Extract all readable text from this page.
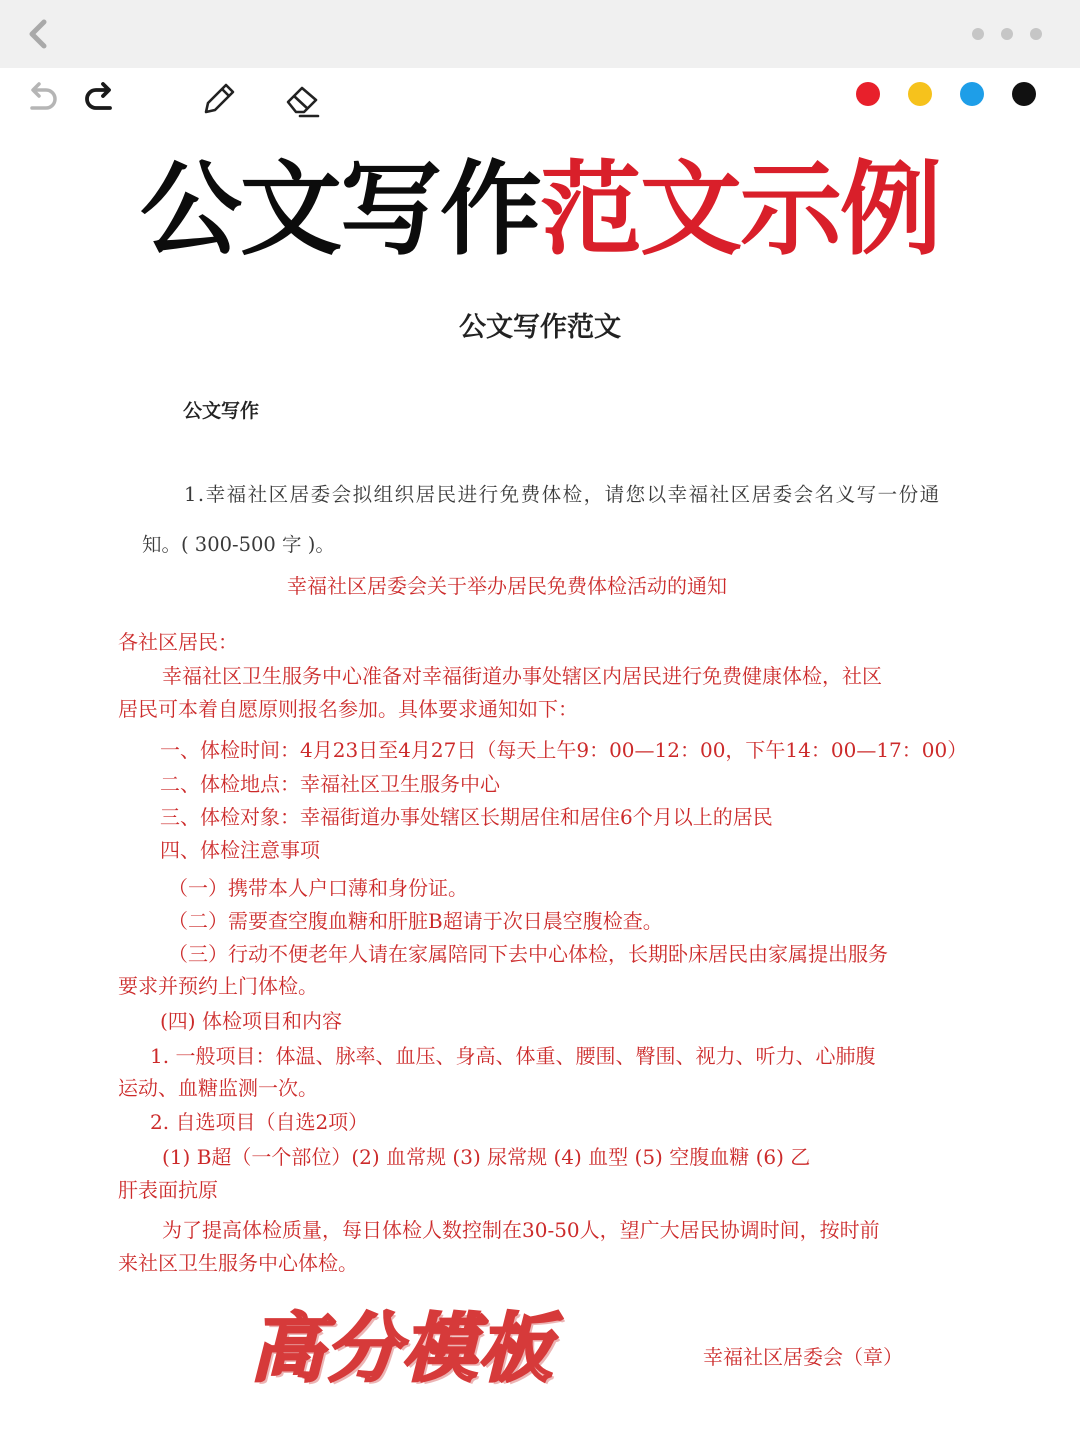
公文写作范文示例
公文写作范文
公文写作
1.幸福社区居委会拟组织居民进行免费体检，请您以幸福社区居委会名义写一份通
知。( 300-500 字 )。
幸福社区居委会关于举办居民免费体检活动的通知
各社区居民：
幸福社区卫生服务中心准备对幸福街道办事处辖区内居民进行免费健康体检，社区
居民可本着自愿原则报名参加。具体要求通知如下：
一、体检时间：4月23日至4月27日（每天上午9：00—12：00，下午14：00—17：00）
二、体检地点：幸福社区卫生服务中心
三、体检对象：幸福街道办事处辖区长期居住和居住6个月以上的居民
四、体检注意事项
（一）携带本人户口薄和身份证。
（二）需要查空腹血糖和肝脏B超请于次日晨空腹检查。
（三）行动不便老年人请在家属陪同下去中心体检，长期卧床居民由家属提出服务
要求并预约上门体检。
(四) 体检项目和内容
1. 一般项目：体温、脉率、血压、身高、体重、腰围、臀围、视力、听力、心肺腹
运动、血糖监测一次。
2. 自选项目（自选2项）
(1) B超（一个部位）(2) 血常规 (3) 尿常规 (4) 血型 (5) 空腹血糖 (6) 乙
肝表面抗原
为了提高体检质量，每日体检人数控制在30-50人，望广大居民协调时间，按时前
来社区卫生服务中心体检。
高分模板	幸福社区居委会（章）
